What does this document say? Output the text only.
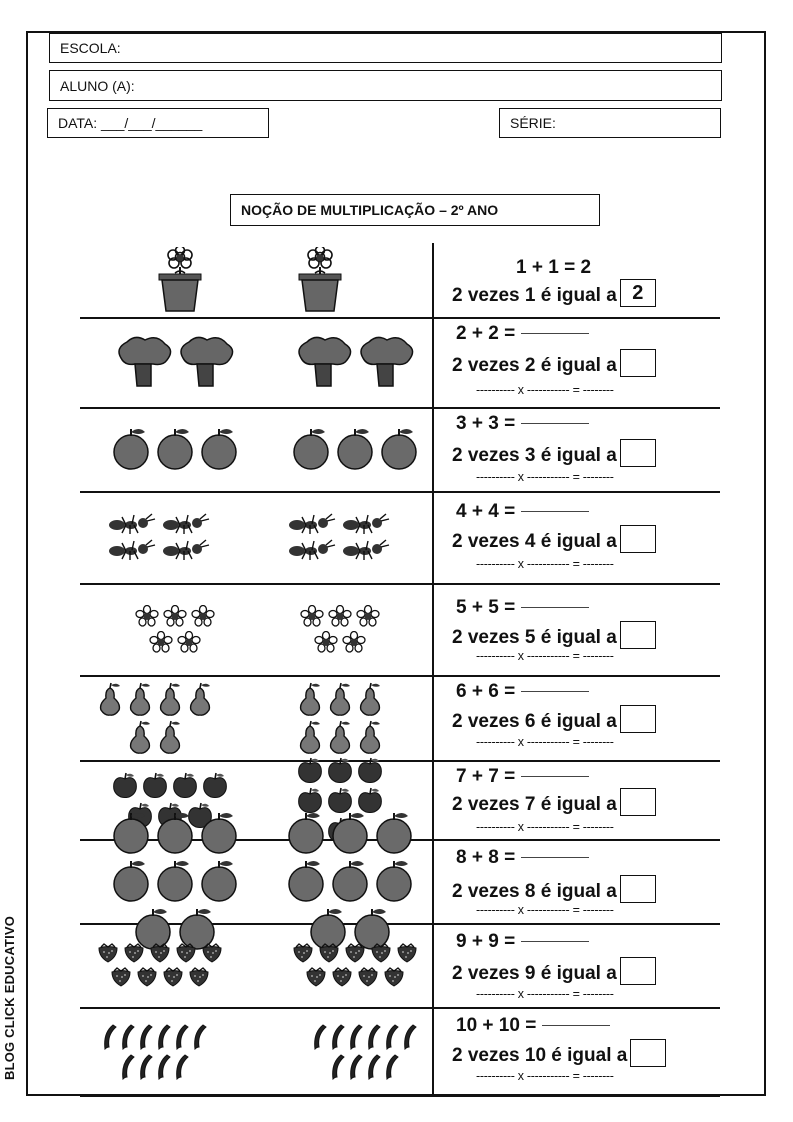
ESCOLA:
ALUNO (A):
DATA: ___/___/______	SÉRIE:
NOÇÃO DE MULTIPLICAÇÃO – 2º ANO
BLOG CLICK EDUCATIVO
1 + 1 = 2
2 vezes 1 é igual a 2
2 + 2 =
2 vezes 2 é igual a
---------- x ----------- = --------
3 + 3 =
2 vezes 3 é igual a
---------- x ----------- = --------
4 + 4 =
2 vezes 4 é igual a
---------- x ----------- = --------
5 + 5 =
2 vezes 5 é igual a
---------- x ----------- = --------
6 + 6 =
2 vezes 6 é igual a
---------- x ----------- = --------
7 + 7 =
2 vezes 7 é igual a
---------- x ----------- = --------
8 + 8 =
2 vezes 8 é igual a
---------- x ----------- = --------
9 + 9 =
2 vezes 9 é igual a
---------- x ----------- = --------
10 + 10 =
2 vezes 10 é igual a
---------- x ----------- = --------
